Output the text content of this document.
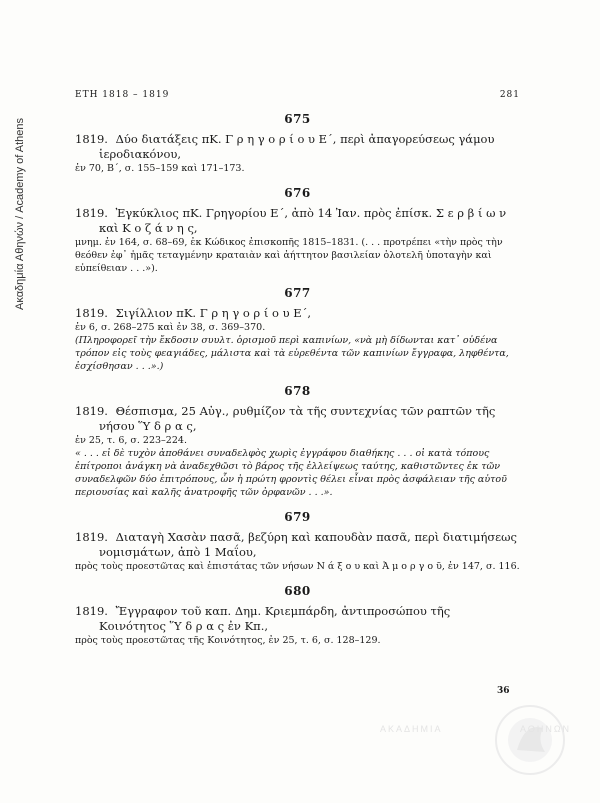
Ακαδημία Αθηνών / Academy of Athens
ΕΤΗ 1818 – 1819	281
675
1819. Δύο διατάξεις πΚ. Γ ρ η γ ο ρ ί ο υ Ε΄, περὶ ἀπαγορεύσεως γάμου ἱεροδιακόνου,
ἐν 70, Β΄, σ. 155–159 καὶ 171–173.
676
1819. Ἐγκύκλιος πΚ. Γρηγορίου Ε΄, ἀπὸ 14 Ἰαν. πρὸς ἐπίσκ. Σ ε ρ β ί ω ν καὶ Κ ο ζ ά ν η ς,
μνημ. ἐν 164, σ. 68–69, ἐκ Κώδικος ἐπισκοπῆς 1815–1831. (. . . προτρέπει «τὴν πρὸς τὴν θεόθεν ἐφ᾽ ἡμᾶς τεταγμένην κραταιὰν καὶ ἀήττητον βασιλείαν ὁλοτελῆ ὑποταγὴν καὶ εὐπείθειαν . . .»).
677
1819. Σιγίλλιον πΚ. Γ ρ η γ ο ρ ί ο υ Ε΄,
ἐν 6, σ. 268–275 καὶ ἐν 38, σ. 369–370.
(Πληροφορεῖ τὴν ἔκδοσιν συυλτ. ὁρισμοῦ περὶ καπινίων, «νὰ μὴ δίδωνται κατ᾽ οὐδένα τρόπον εἰς τοὺς φεαγιάδες, μάλιστα καὶ τὰ εὑρεθέντα τῶν καπινίων ἔγγραφα, ληφθέντα, ἐσχίσθησαν . . .».)
678
1819. Θέσπισμα, 25 Αὐγ., ρυθμίζον τὰ τῆς συντεχνίας τῶν ραπτῶν τῆς νήσου Ὕ δ ρ α ς,
ἐν 25, τ. 6, σ. 223–224.
« . . . εἰ δὲ τυχὸν ἀποθάνει συναδελφὸς χωρὶς ἐγγράφου διαθήκης . . . οἱ κατὰ τόπους ἐπίτροποι ἀνάγκη νὰ ἀναδεχθῶσι τὸ βάρος τῆς ἐλλείψεως ταύτης, καθιστῶντες ἐκ τῶν συναδελφῶν δύο ἐπιτρόπους, ὧν ἡ πρώτη φροντὶς θέλει εἶναι πρὸς ἀσφάλειαν τῆς αὐτοῦ περιουσίας καὶ καλῆς ἀνατροφῆς τῶν ὀρφανῶν . . .».
679
1819. Διαταγὴ Χασὰν πασᾶ, βεζύρη καὶ καπουδὰν πασᾶ, περὶ διατιμήσεως νομισμάτων, ἀπὸ 1 Μαΐου,
πρὸς τοὺς προεστῶτας καὶ ἐπιστάτας τῶν νήσων Ν ά ξ ο υ καὶ Ἀ μ ο ρ γ ο ῦ, ἐν 147, σ. 116.
680
1819. Ἔγγραφον τοῦ καπ. Δημ. Κριεμπάρδη, ἀντιπροσώπου τῆς Κοινότητος Ὕ δ ρ α ς ἐν Κπ.,
πρὸς τοὺς προεστῶτας τῆς Κοινότητος, ἐν 25, τ. 6, σ. 128–129.
36
ΑΚΑΔΗΜΙΑ	ΑΘΗΝΩΝ
